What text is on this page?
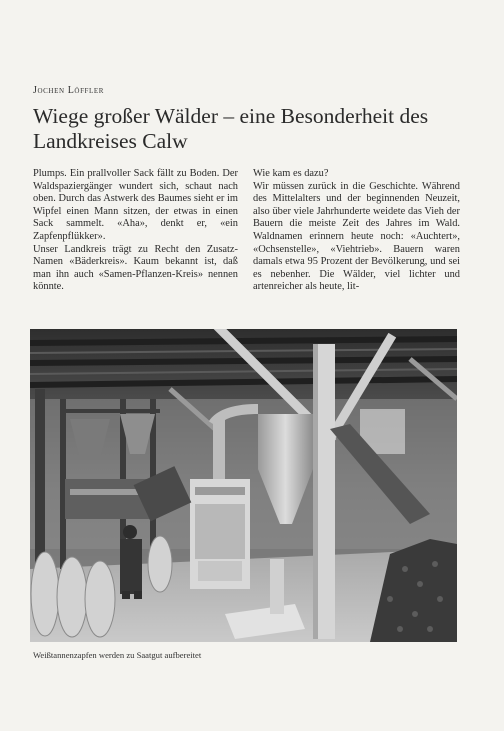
Jochen Löffler
Wiege großer Wälder – eine Besonderheit des Landkreises Calw

Plumps. Ein prallvoller Sack fällt zu Boden. Der Waldspaziergänger wundert sich, schaut nach oben. Durch das Astwerk des Baumes sieht er im Wipfel einen Mann sitzen, der etwas in einen Sack sammelt. «Aha», denkt er, «ein Zapfenpflükker».

Unser Landkreis trägt zu Recht den Zusatz-Namen «Bäderkreis». Kaum bekannt ist, daß man ihn auch «Samen-Pflanzen-Kreis» nennen könnte.

Wie kam es dazu?

Wir müssen zurück in die Geschichte. Während des Mittelalters und der beginnenden Neuzeit, also über viele Jahrhunderte weidete das Vieh der Bauern die meiste Zeit des Jahres im Wald. Waldnamen erinnern heute noch: «Auchtert», «Ochsenstelle», «Viehtrieb». Bauern waren damals etwa 95 Prozent der Bevölkerung, und sei es nebenher. Die Wälder, viel lichter und artenreicher als heute, lit-

Weißtannenzapfen werden zu Saatgut aufbereitet
